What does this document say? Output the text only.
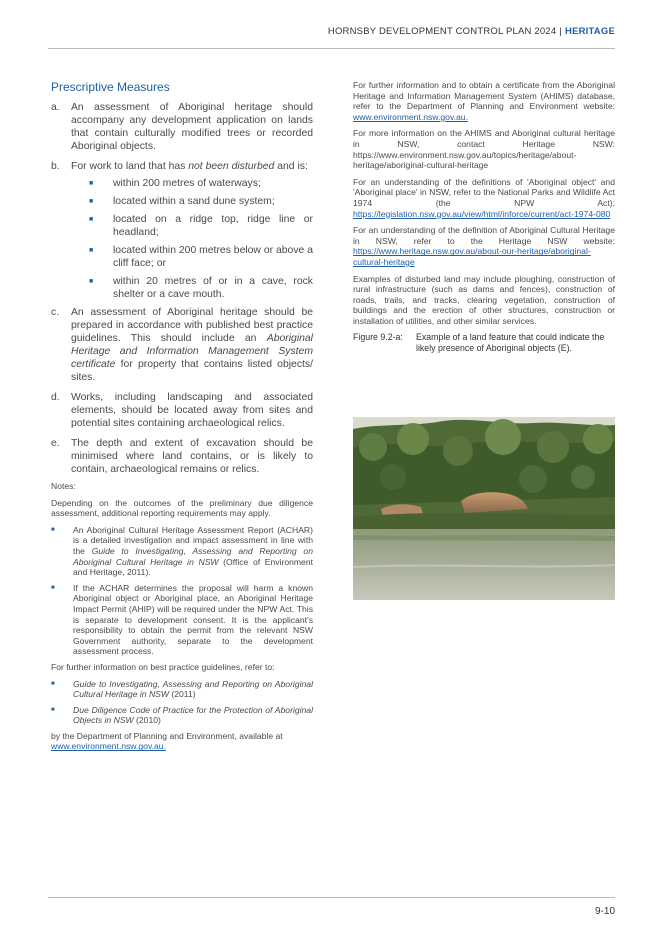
HORNSBY DEVELOPMENT CONTROL PLAN 2024 | HERITAGE
Prescriptive Measures
a.	An assessment of Aboriginal heritage should accompany any development application on lands that contain culturally modified trees or recorded Aboriginal objects.
b.	For work to land that has not been disturbed and is:
■	within 200 metres of waterways;
■	located within a sand dune system;
■	located on a ridge top, ridge line or headland;
■	located within 200 metres below or above a cliff face; or
■	within 20 metres of or in a cave, rock shelter or a cave mouth.
c.	An assessment of Aboriginal heritage should be prepared in accordance with published best practice guidelines. This should include an Aboriginal Heritage and Information Management System certificate for property that contains listed objects/ sites.
d.	Works, including landscaping and associated elements, should be located away from sites and potential sites containing archaeological relics.
e.	The depth and extent of excavation should be minimised where land contains, or is likely to contain, archaeological remains or relics.

Notes:

Depending on the outcomes of the preliminary due diligence assessment, additional reporting requirements may apply.

■	An Aboriginal Cultural Heritage Assessment Report (ACHAR) is a detailed investigation and impact assessment in line with the Guide to Investigating, Assessing and Reporting on Aboriginal Cultural Heritage in NSW (Office of Environment and Heritage, 2011).
■	If the ACHAR determines the proposal will harm a known Aboriginal object or Aboriginal place, an Aboriginal Heritage Impact Permit (AHIP) will be required under the NPW Act. This is separate to development consent. It is the applicant's responsibility to obtain the permit from the relevant NSW Government authority, separate to the development assessment process.

For further information on best practice guidelines, refer to:

■	Guide to Investigating, Assessing and Reporting on Aboriginal Cultural Heritage in NSW (2011)
■	Due Diligence Code of Practice for the Protection of Aboriginal Objects in NSW (2010)

by the Department of Planning and Environment, available at
www.environment.nsw.gov.au.

For further information and to obtain a certificate from the Aboriginal Heritage and Information Management System (AHIMS) database, refer to the Department of Planning and Environment website: www.environment.nsw.gov.au.

For more information on the AHIMS and Aboriginal cultural heritage in NSW, contact Heritage NSW: https://www.environment.nsw.gov.au/topics/heritage/about-heritage/aboriginal-cultural-heritage

For an understanding of the definitions of 'Aboriginal object' and 'Aboriginal place' in NSW, refer to the National Parks and Wildlife Act 1974 (the NPW Act); https://legislation.nsw.gov.au/view/html/inforce/current/act-1974-080

For an understanding of the definition of Aboriginal Cultural Heritage in NSW, refer to the Heritage NSW website: https://www.heritage.nsw.gov.au/about-our-heritage/aboriginal-cultural-heritage

Examples of disturbed land may include ploughing, construction of rural infrastructure (such as dams and fences), construction of roads, trails, and tracks, clearing vegetation, construction of buildings and the erection of other structures, construction or installation of utilities, and other similar services.

Figure 9.2-a:	Example of a land feature that could indicate the likely presence of Aboriginal objects (E).
9-10
